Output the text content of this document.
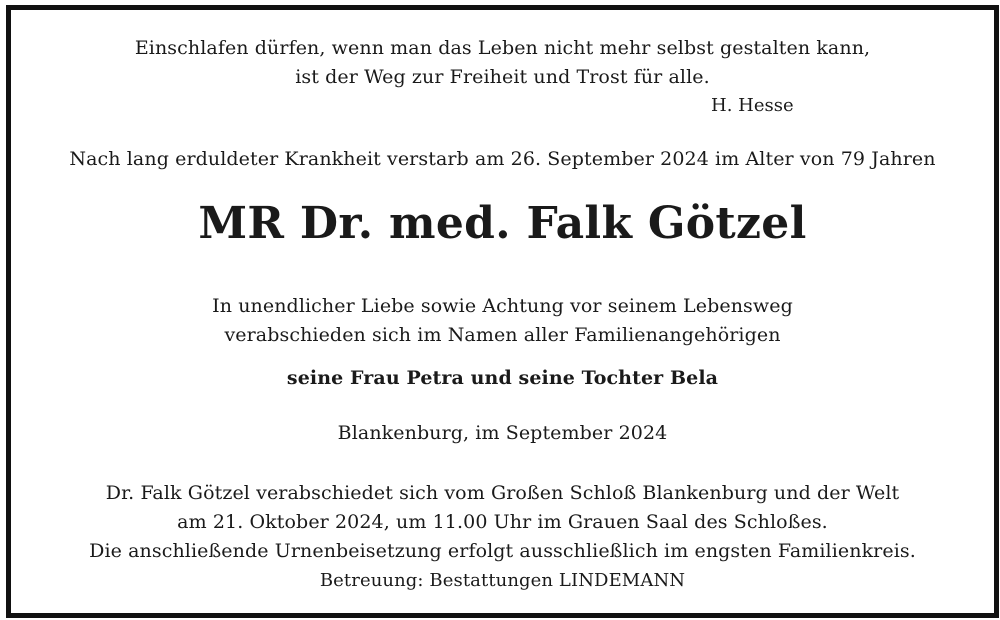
Einschlafen dürfen, wenn man das Leben nicht mehr selbst gestalten kann,
ist der Weg zur Freiheit und Trost für alle.
H. Hesse
Nach lang erduldeter Krankheit verstarb am 26. September 2024 im Alter von 79 Jahren
MR Dr. med. Falk Götzel
In unendlicher Liebe sowie Achtung vor seinem Lebensweg
verabschieden sich im Namen aller Familienangehörigen
seine Frau Petra und seine Tochter Bela
Blankenburg, im September 2024
Dr. Falk Götzel verabschiedet sich vom Großen Schloß Blankenburg und der Welt
am 21. Oktober 2024, um 11.00 Uhr im Grauen Saal des Schloßes.
Die anschließende Urnenbeisetzung erfolgt ausschließlich im engsten Familienkreis.
Betreuung: Bestattungen LINDEMANN
